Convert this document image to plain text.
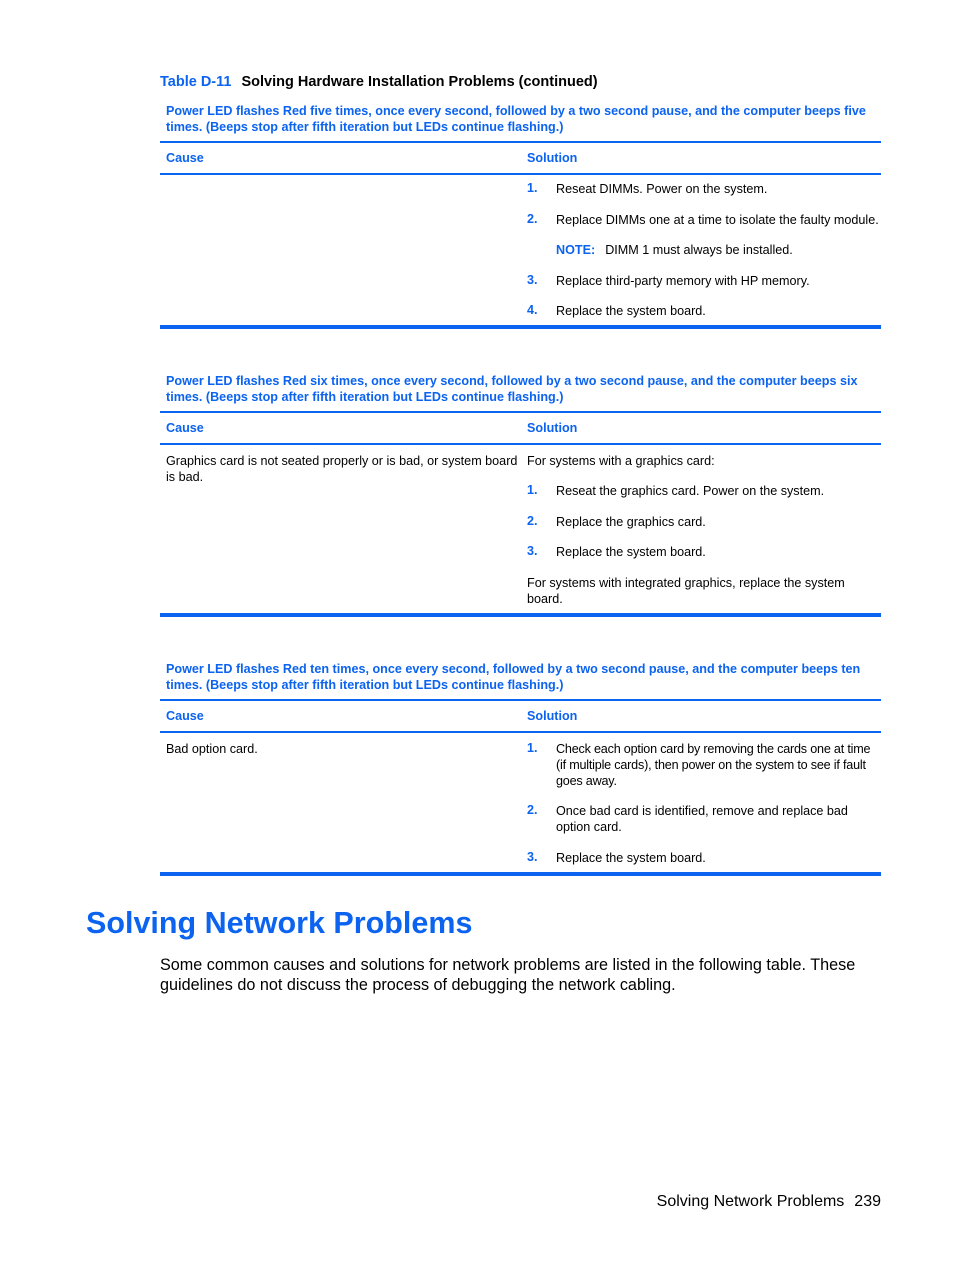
Table D-11 Solving Hardware Installation Problems (continued)
Power LED flashes Red five times, once every second, followed by a two second pause, and the computer beeps five times. (Beeps stop after fifth iteration but LEDs continue flashing.)
Cause	Solution
1.	Reseat DIMMs. Power on the system.
2.	Replace DIMMs one at a time to isolate the faulty module.
NOTE: DIMM 1 must always be installed.
3.	Replace third-party memory with HP memory.
4.	Replace the system board.
Power LED flashes Red six times, once every second, followed by a two second pause, and the computer beeps six times. (Beeps stop after fifth iteration but LEDs continue flashing.)
Cause	Solution
Graphics card is not seated properly or is bad, or system board is bad.
For systems with a graphics card:
1.	Reseat the graphics card. Power on the system.
2.	Replace the graphics card.
3.	Replace the system board.
For systems with integrated graphics, replace the system board.
Power LED flashes Red ten times, once every second, followed by a two second pause, and the computer beeps ten times. (Beeps stop after fifth iteration but LEDs continue flashing.)
Cause	Solution
Bad option card.	1.	Check each option card by removing the cards one at time (if multiple cards), then power on the system to see if fault goes away.
2.	Once bad card is identified, remove and replace bad option card.
3.	Replace the system board.
Solving Network Problems
Some common causes and solutions for network problems are listed in the following table. These guidelines do not discuss the process of debugging the network cabling.
Solving Network Problems 239
